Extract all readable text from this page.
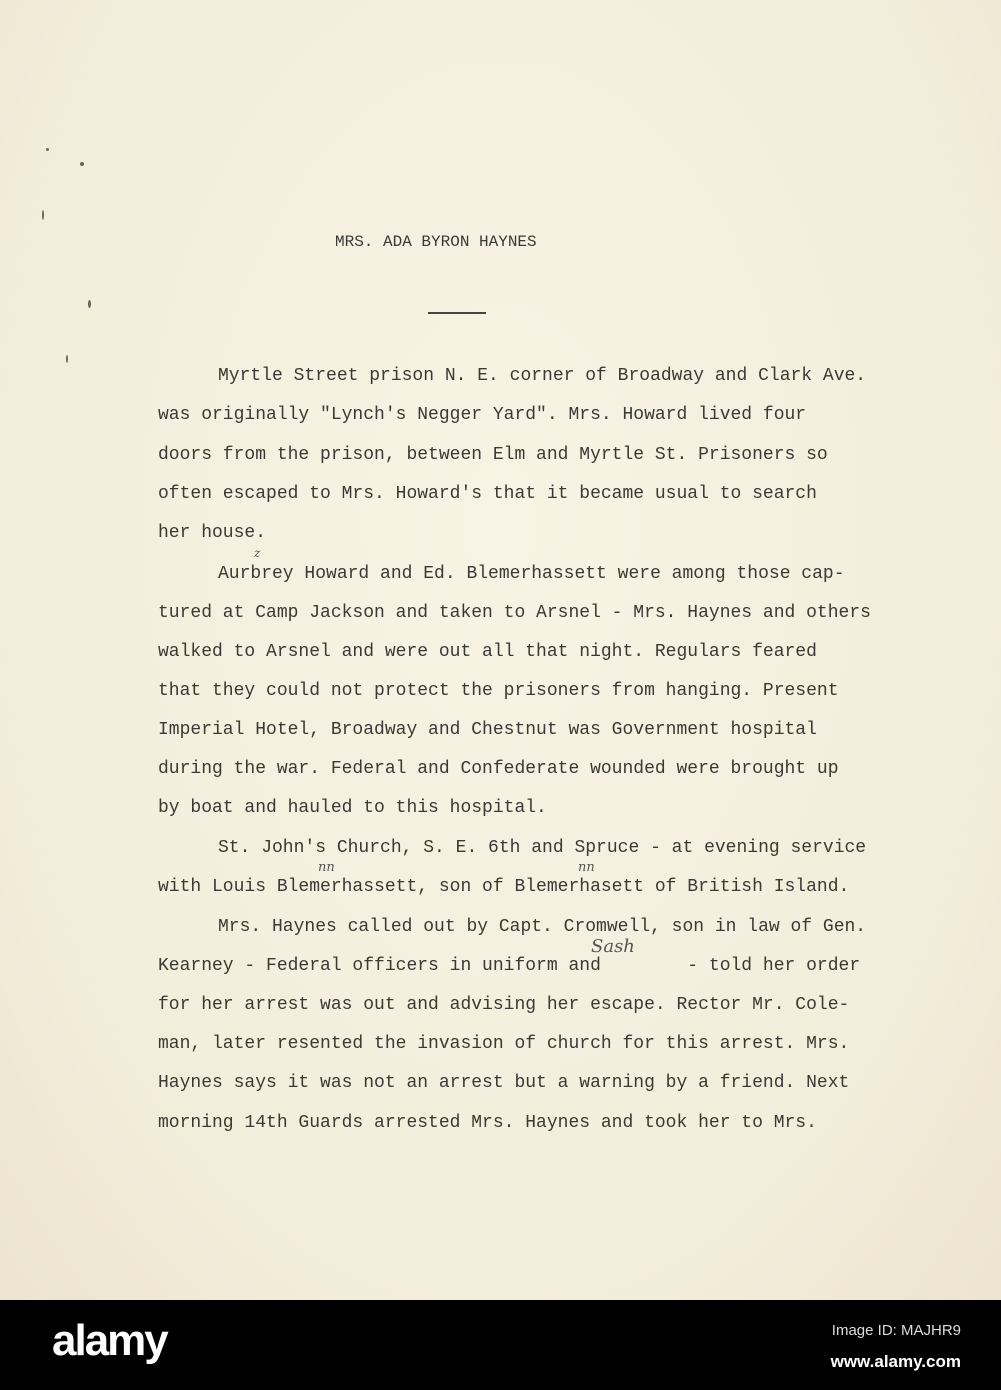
MRS. ADA BYRON HAYNES
Myrtle Street prison N. E. corner of Broadway and Clark Ave.
was originally "Lynch's Negger Yard". Mrs. Howard lived four
doors from the prison, between Elm and Myrtle St. Prisoners so
often escaped to Mrs. Howard's that it became usual to search
her house.
Aurbrey Howard and Ed. Blemerhassett were among those cap-
tured at Camp Jackson and taken to Arsnel - Mrs. Haynes and others
walked to Arsnel and were out all that night. Regulars feared
that they could not protect the prisoners from hanging. Present
Imperial Hotel, Broadway and Chestnut was Government hospital
during the war. Federal and Confederate wounded were brought up
by boat and hauled to this hospital.
St. John's Church, S. E. 6th and Spruce - at evening service
with Louis Blemerhassett, son of Blemerhasett of British Island.
Mrs. Haynes called out by Capt. Cromwell, son in law of Gen.
Kearney - Federal officers in uniform and        - told her order
for her arrest was out and advising her escape. Rector Mr. Cole-
man, later resented the invasion of church for this arrest. Mrs.
Haynes says it was not an arrest but a warning by a friend. Next
morning 14th Guards arrested Mrs. Haynes and took her to Mrs.
z
nn	nn
Sash
alamy	Image ID: MAJHR9
www.alamy.com
